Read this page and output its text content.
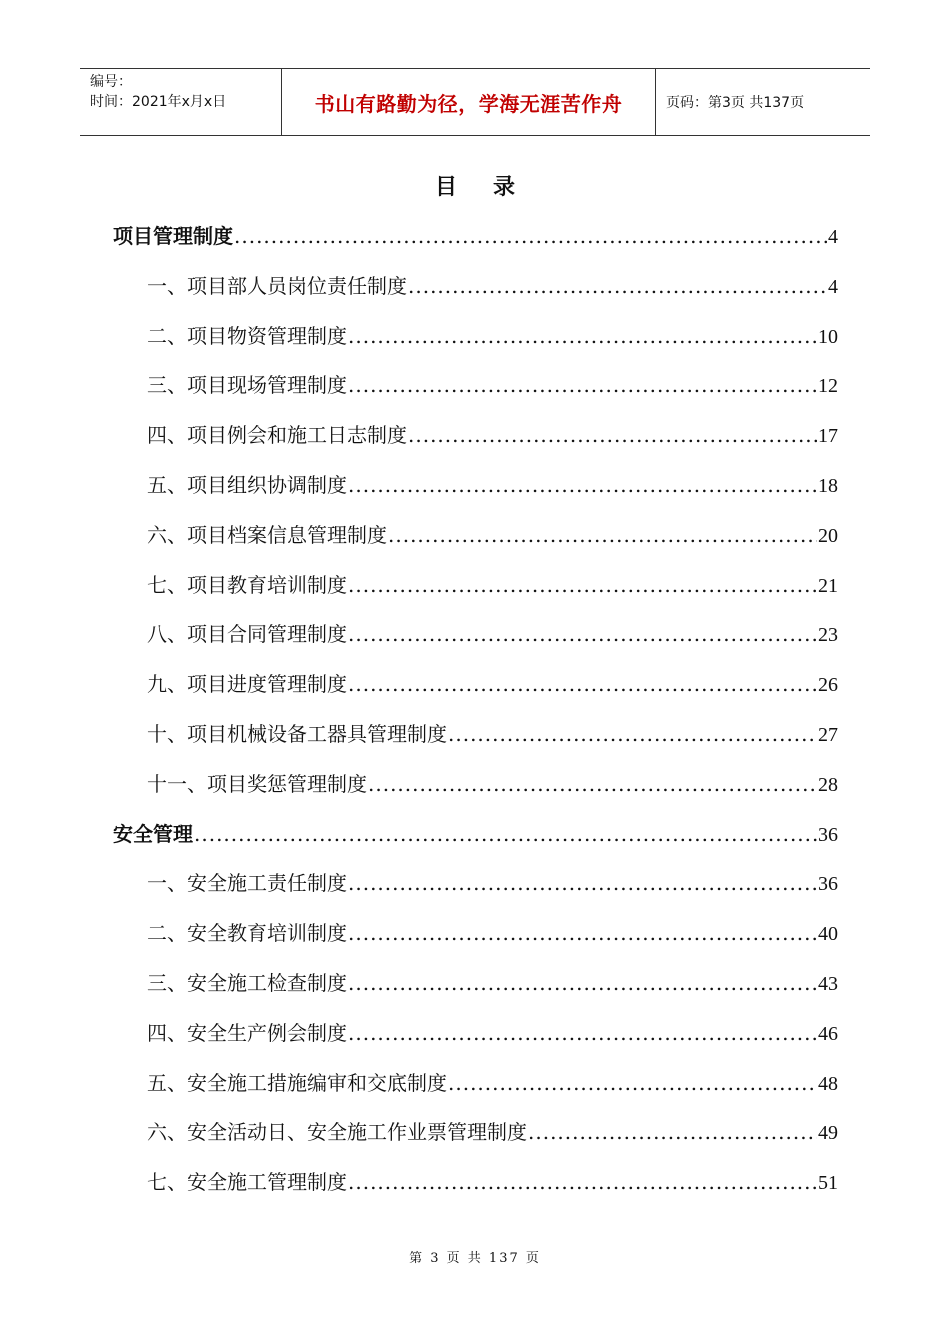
编号：
时间：2021年x月x日	书山有路勤为径，学海无涯苦作舟	页码：第3页 共137页
目录
项目管理制度 .....	4
一、项目部人员岗位责任制度 .....	4
二、项目物资管理制度 .....	10
三、项目现场管理制度 .....	12
四、项目例会和施工日志制度 .....	17
五、项目组织协调制度 .....	18
六、项目档案信息管理制度 .....	20
七、项目教育培训制度 .....	21
八、项目合同管理制度 .....	23
九、项目进度管理制度 .....	26
十、项目机械设备工器具管理制度 .....	27
十一、项目奖惩管理制度 .....	28
安全管理 .....	36
一、安全施工责任制度 .....	36
二、安全教育培训制度 .....	40
三、安全施工检查制度 .....	43
四、安全生产例会制度 .....	46
五、安全施工措施编审和交底制度 .....	48
六、安全活动日、安全施工作业票管理制度 .....	49
七、安全施工管理制度 .....	51
第 3 页 共 137 页
